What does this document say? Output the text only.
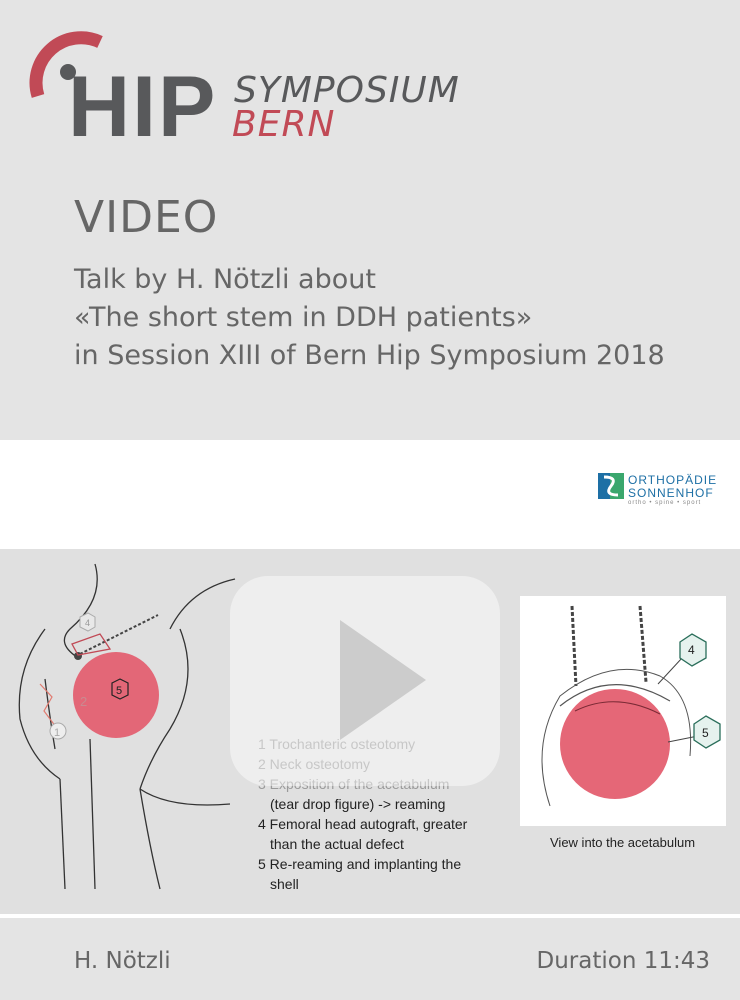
HIP SYMPOSIUM
BERN
VIDEO
Talk by H. Nötzli about
«The short stem in DDH patients»
in Session XIII of Bern Hip Symposium 2018
ORTHOPÄDIE
SONNENHOF
ortho • spine • sport
4
2
1
5
1 Trochanteric osteotomy
2 Neck osteotomy
3 Exposition of the acetabulum
(tear drop figure) -> reaming
4 Femoral head autograft, greater
than the actual defect
5 Re-reaming and implanting the
shell
4
5
View into the acetabulum
H. Nötzli	Duration 11:43
